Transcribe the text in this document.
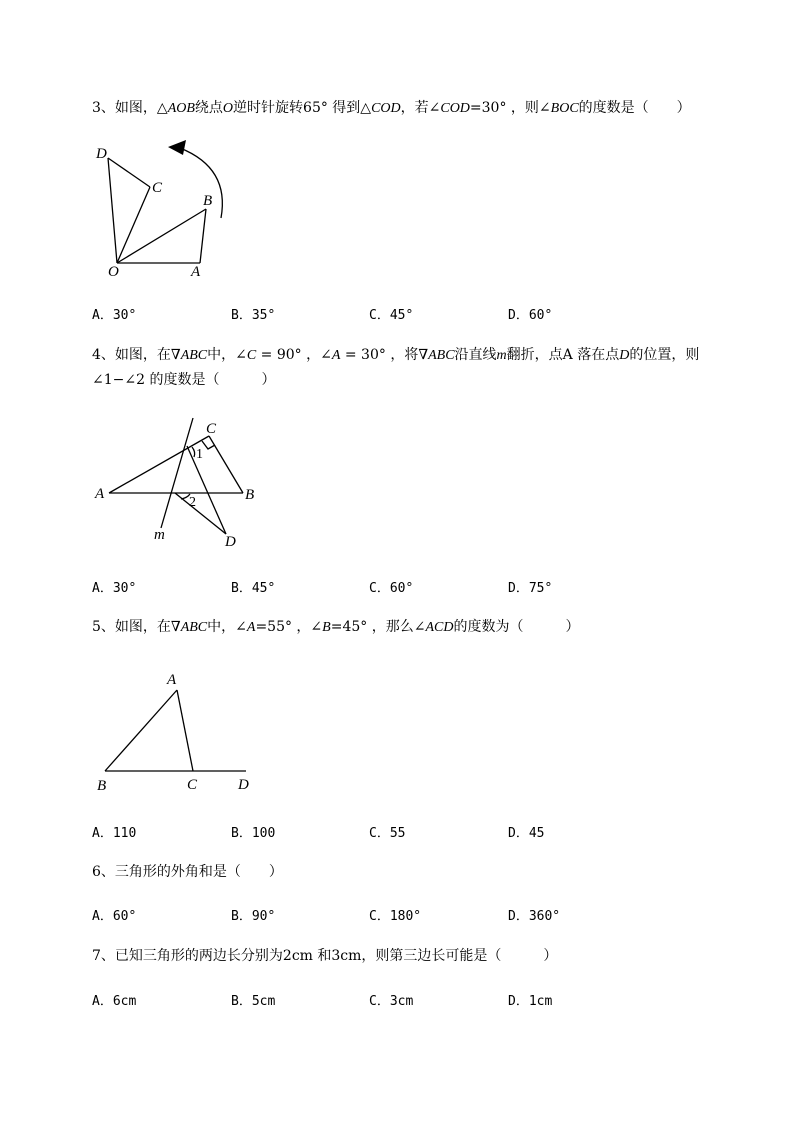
3、如图，△AOB绕点O逆时针旋转65° 得到△COD，若∠COD=30° ，则∠BOC的度数是（　　）
D
C
B
O	A
A．30°	B．35°	C．45°	D．60°
4、如图，在∇ABC中，∠C = 90° ，∠A = 30° ，将∇ABC沿直线m翻折，点A 落在点D的位置，则
∠1−∠2 的度数是（　　　）
C
A	B
D
m
1
2
A．30°	B．45°	C．60°	D．75°
5、如图，在∇ABC中，∠A=55° ，∠B=45° ，那么∠ACD的度数为（　　　）
A
B	C	D
A．110	B．100	C．55	D．45
6、三角形的外角和是（　　）
A．60°	B．90°	C．180°	D．360°
7、已知三角形的两边长分别为2cm 和3cm，则第三边长可能是（　　　）
A．6cm	B．5cm	C．3cm	D．1cm
